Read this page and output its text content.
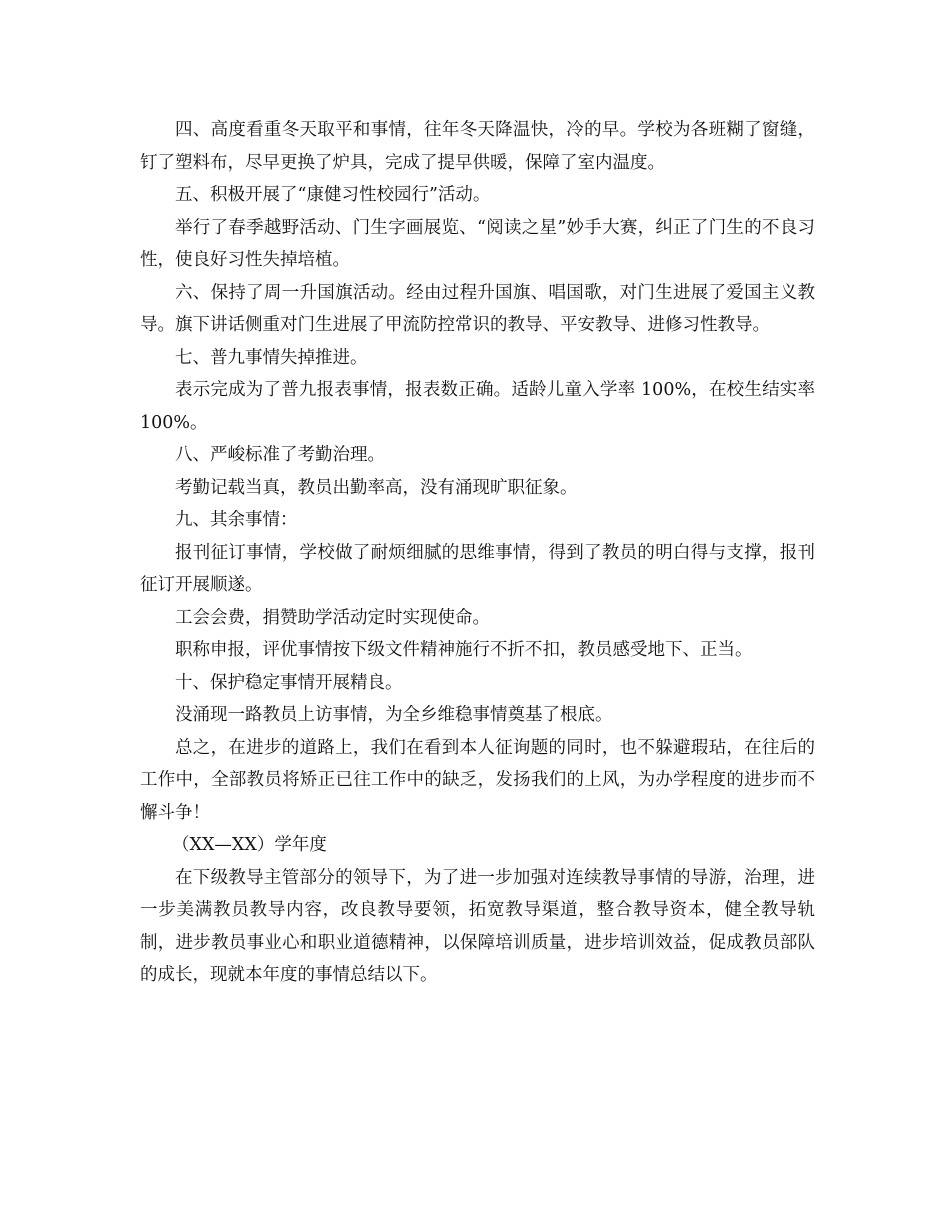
四、高度看重冬天取平和事情，往年冬天降温快，冷的早。学校为各班糊了窗缝，钉了塑料布，尽早更换了炉具，完成了提早供暖，保障了室内温度。

五、积极开展了“康健习性校园行”活动。

举行了春季越野活动、门生字画展览、“阅读之星”妙手大赛，纠正了门生的不良习性，使良好习性失掉培植。

六、保持了周一升国旗活动。经由过程升国旗、唱国歌，对门生进展了爱国主义教导。旗下讲话侧重对门生进展了甲流防控常识的教导、平安教导、进修习性教导。

七、普九事情失掉推进。

表示完成为了普九报表事情，报表数正确。适龄儿童入学率 100%，在校生结实率 100%。

八、严峻标准了考勤治理。

考勤记载当真，教员出勤率高，没有涌现旷职征象。

九、其余事情：

报刊征订事情，学校做了耐烦细腻的思维事情，得到了教员的明白得与支撑，报刊征订开展顺遂。

工会会费，捐赞助学活动定时实现使命。

职称申报，评优事情按下级文件精神施行不折不扣，教员感受地下、正当。

十、保护稳定事情开展精良。

没涌现一路教员上访事情，为全乡维稳事情奠基了根底。

总之，在进步的道路上，我们在看到本人征询题的同时，也不躲避瑕玷，在往后的工作中，全部教员将矫正已往工作中的缺乏，发扬我们的上风，为办学程度的进步而不懈斗争！

（XX—XX）学年度

在下级教导主管部分的领导下，为了进一步加强对连续教导事情的导游，治理，进一步美满教员教导内容，改良教导要领，拓宽教导渠道，整合教导资本，健全教导轨制，进步教员事业心和职业道德精神，以保障培训质量，进步培训效益，促成教员部队的成长，现就本年度的事情总结以下。
